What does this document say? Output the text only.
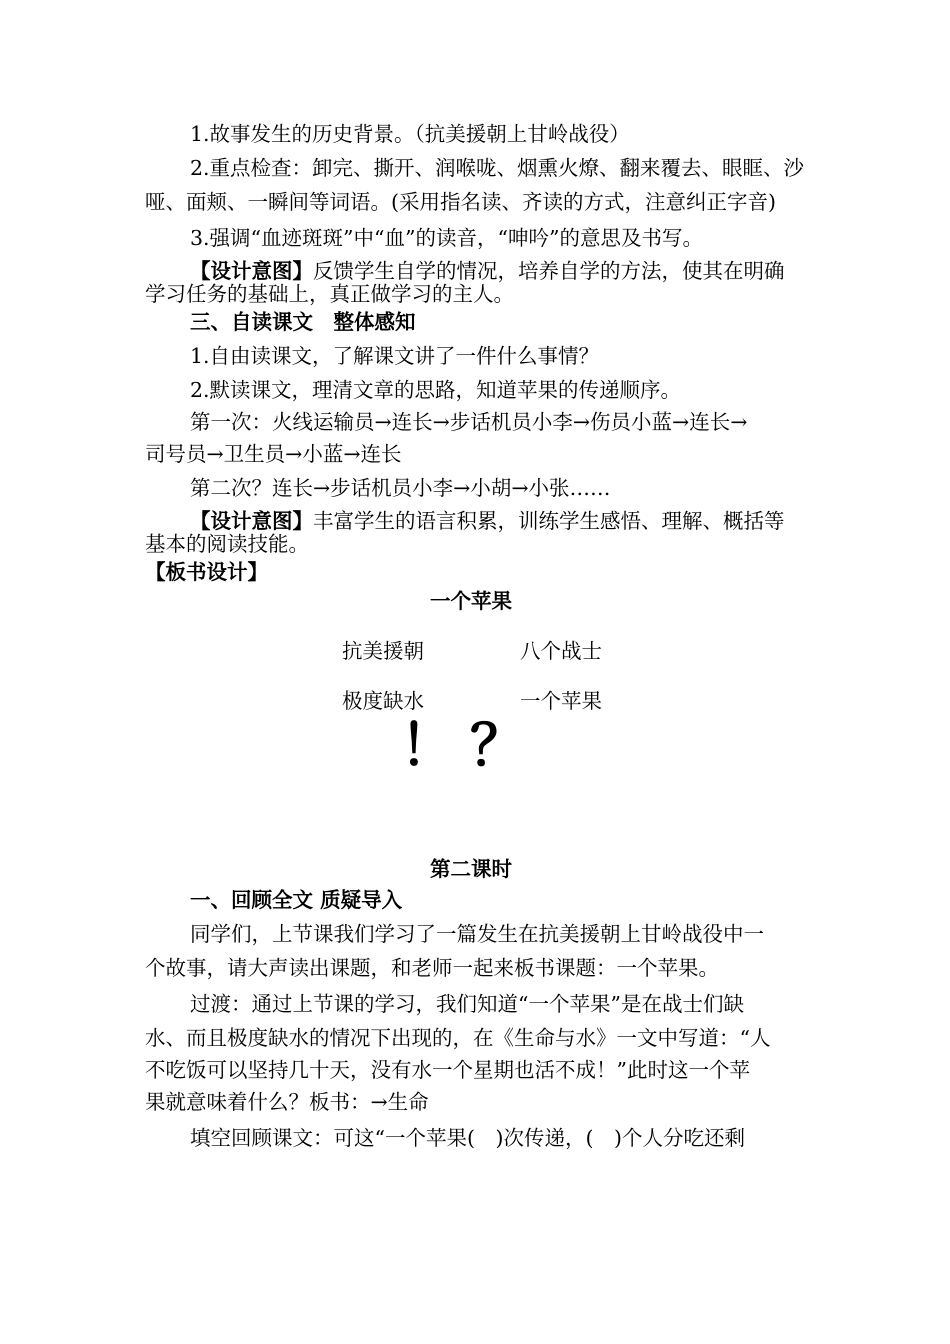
1.故事发生的历史背景。（抗美援朝上甘岭战役）
2.重点检查：卸完、撕开、润喉咙、烟熏火燎、翻来覆去、眼眶、沙
哑、面颊、一瞬间等词语。(采用指名读、齐读的方式，注意纠正字音)
3.强调“血迹斑斑”中“血”的读音，“呻吟”的意思及书写。
【设计意图】反馈学生自学的情况，培养自学的方法，使其在明确
学习任务的基础上，真正做学习的主人。
三、自读课文　整体感知
1.自由读课文，了解课文讲了一件什么事情？
2.默读课文，理清文章的思路，知道苹果的传递顺序。
第一次：火线运输员→连长→步话机员小李→伤员小蓝→连长→
司号员→卫生员→小蓝→连长
第二次？连长→步话机员小李→小胡→小张……
【设计意图】丰富学生的语言积累，训练学生感悟、理解、概括等
基本的阅读技能。
【板书设计】
一个苹果
抗美援朝	八个战士
极度缺水	一个苹果
！ ？
第二课时
一、回顾全文 质疑导入
同学们，上节课我们学习了一篇发生在抗美援朝上甘岭战役中一
个故事，请大声读出课题，和老师一起来板书课题：一个苹果。
过渡：通过上节课的学习，我们知道“一个苹果”是在战士们缺
水、而且极度缺水的情况下出现的，在《生命与水》一文中写道：“人
不吃饭可以坚持几十天，没有水一个星期也活不成！”此时这一个苹
果就意味着什么？板书：→生命
填空回顾课文：可这“一个苹果(　)次传递，(　)个人分吃还剩
